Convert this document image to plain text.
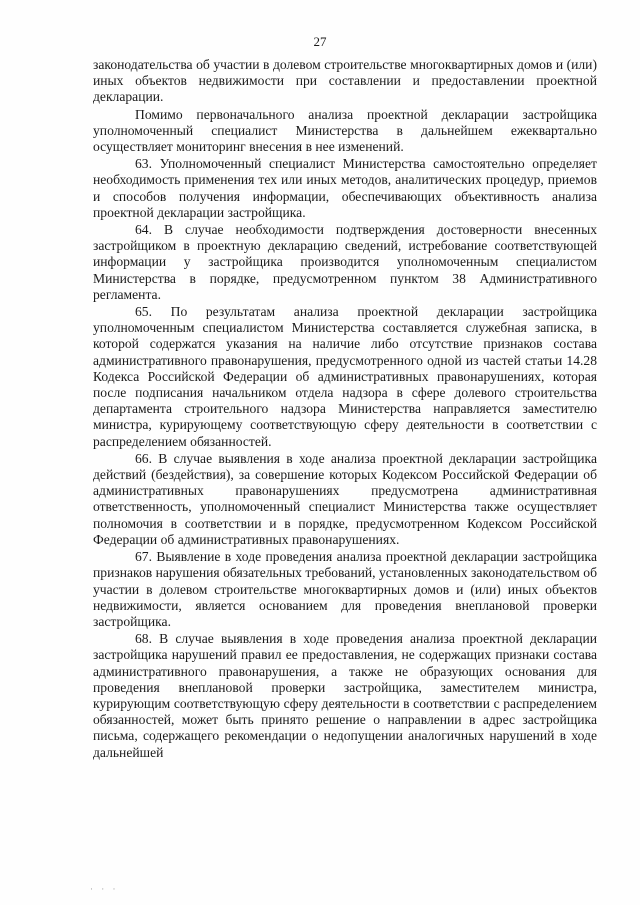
27

законодательства об участии в долевом строительстве многоквартирных домов и (или) иных объектов недвижимости при составлении и предоставлении проектной декларации.

Помимо первоначального анализа проектной декларации застройщика уполномоченный специалист Министерства в дальнейшем ежеквартально осуществляет мониторинг внесения в нее изменений.

63. Уполномоченный специалист Министерства самостоятельно определяет необходимость применения тех или иных методов, аналитических процедур, приемов и способов получения информации, обеспечивающих объективность анализа проектной декларации застройщика.

64. В случае необходимости подтверждения достоверности внесенных застройщиком в проектную декларацию сведений, истребование соответствующей информации у застройщика производится уполномоченным специалистом Министерства в порядке, предусмотренном пунктом 38 Административного регламента.

65. По результатам анализа проектной декларации застройщика уполномоченным специалистом Министерства составляется служебная записка, в которой содержатся указания на наличие либо отсутствие признаков состава административного правонарушения, предусмотренного одной из частей статьи 14.28 Кодекса Российской Федерации об административных правонарушениях, которая после подписания начальником отдела надзора в сфере долевого строительства департамента строительного надзора Министерства направляется заместителю министра, курирующему соответствующую сферу деятельности в соответствии с распределением обязанностей.

66. В случае выявления в ходе анализа проектной декларации застройщика действий (бездействия), за совершение которых Кодексом Российской Федерации об административных правонарушениях предусмотрена административная ответственность, уполномоченный специалист Министерства также осуществляет полномочия в соответствии и в порядке, предусмотренном Кодексом Российской Федерации об административных правонарушениях.

67. Выявление в ходе проведения анализа проектной декларации застройщика признаков нарушения обязательных требований, установленных законодательством об участии в долевом строительстве многоквартирных домов и (или) иных объектов недвижимости, является основанием для проведения внеплановой проверки застройщика.

68. В случае выявления в ходе проведения анализа проектной декларации застройщика нарушений правил ее предоставления, не содержащих признаки состава административного правонарушения, а также не образующих основания для проведения внеплановой проверки застройщика, заместителем министра, курирующим соответствующую сферу деятельности в соответствии с распределением обязанностей, может быть принято решение о направлении в адрес застройщика письма, содержащего рекомендации о недопущении аналогичных нарушений в ходе дальнейшей

· · ·
